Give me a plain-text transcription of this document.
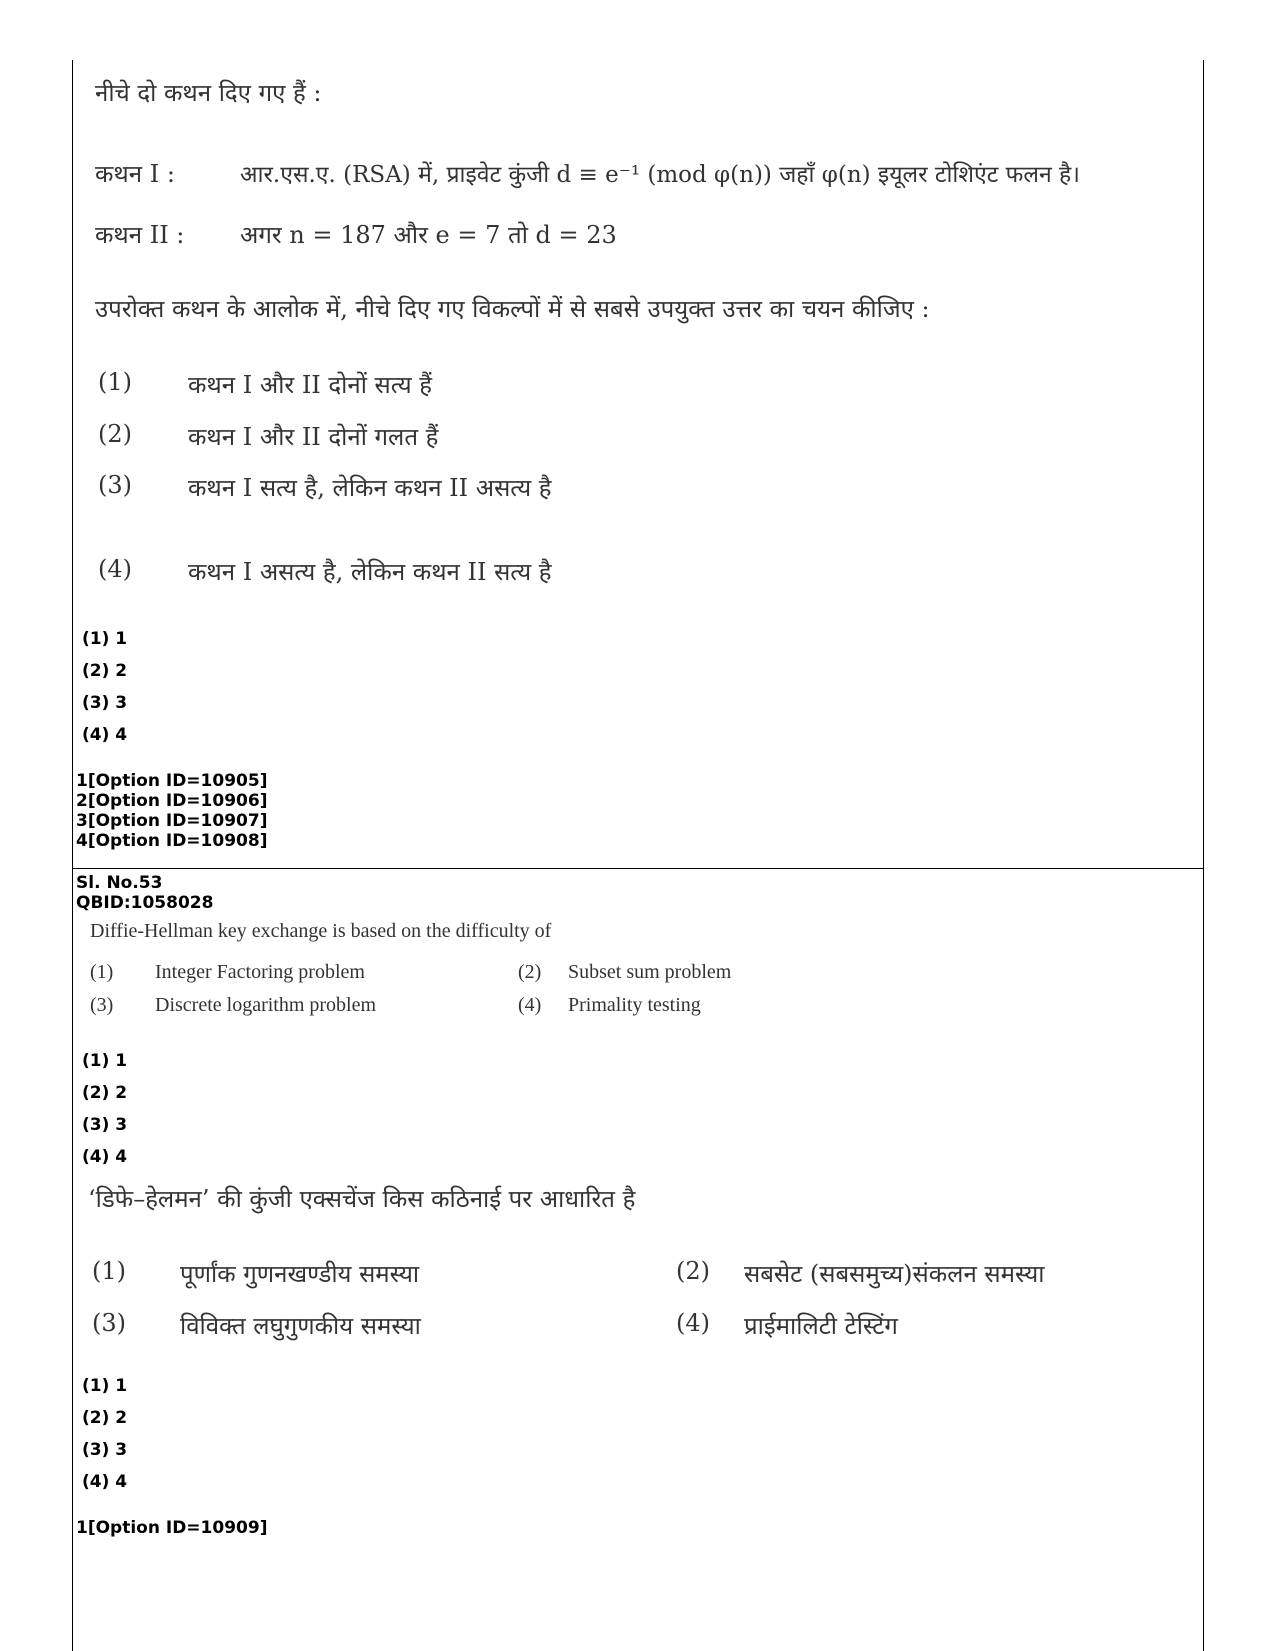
नीचे दो कथन दिए गए हैं :
कथन I :	आर.एस.ए. (RSA) में, प्राइवेट कुंजी d ≡ e⁻¹ (mod φ(n)) जहाँ φ(n) इयूलर टोशिएंट फलन है।
कथन II : अगर n = 187 और e = 7 तो d = 23
उपरोक्त कथन के आलोक में, नीचे दिए गए विकल्पों में से सबसे उपयुक्त उत्तर का चयन कीजिए :
(1) कथन I और II दोनों सत्य हैं
(2) कथन I और II दोनों गलत हैं
(3) कथन I सत्य है, लेकिन कथन II असत्य है
(4) कथन I असत्य है, लेकिन कथन II सत्य है
(1) 1
(2) 2
(3) 3
(4) 4
1[Option ID=10905]
2[Option ID=10906]
3[Option ID=10907]
4[Option ID=10908]
Sl. No.53
QBID:1058028
Diffie-Hellman key exchange is based on the difficulty of
(1) Integer Factoring problem	(2) Subset sum problem
(3) Discrete logarithm problem	(4) Primality testing
(1) 1
(2) 2
(3) 3
(4) 4
‘डिफे–हेलमन’ की कुंजी एक्सचेंज किस कठिनाई पर आधारित है
(1) पूर्णांक गुणनखण्डीय समस्या	(2) सबसेट (सबसमुच्य)संकलन समस्या
(3) विविक्त लघुगुणकीय समस्या	(4) प्राईमालिटी टेस्टिंग
(1) 1
(2) 2
(3) 3
(4) 4
1[Option ID=10909]
